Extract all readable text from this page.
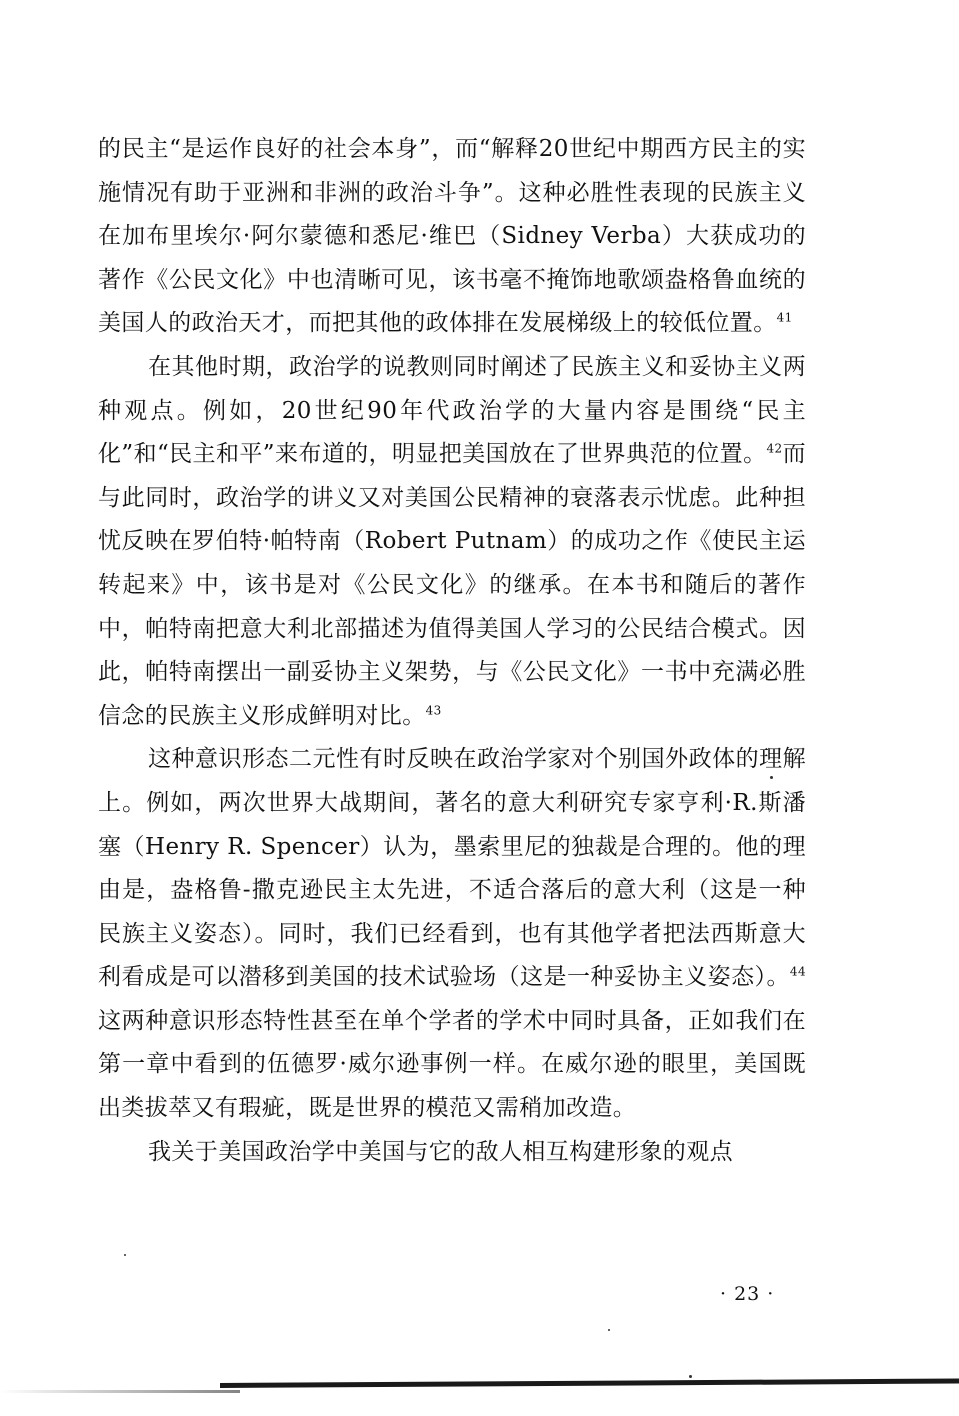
的民主“是运作良好的社会本身”，而“解释20世纪中期西方民主的实施情况有助于亚洲和非洲的政治斗争”。这种必胜性表现的民族主义在加布里埃尔·阿尔蒙德和悉尼·维巴（Sidney Verba）大获成功的著作《公民文化》中也清晰可见，该书毫不掩饰地歌颂盎格鲁血统的美国人的政治天才，而把其他的政体排在发展梯级上的较低位置。$^{41}$

在其他时期，政治学的说教则同时阐述了民族主义和妥协主义两种观点。例如，20世纪90年代政治学的大量内容是围绕“民主化”和“民主和平”来布道的，明显把美国放在了世界典范的位置。$^{42}$而与此同时，政治学的讲义又对美国公民精神的衰落表示忧虑。此种担忧反映在罗伯特·帕特南（Robert Putnam）的成功之作《使民主运转起来》中，该书是对《公民文化》的继承。在本书和随后的著作中，帕特南把意大利北部描述为值得美国人学习的公民结合模式。因此，帕特南摆出一副妥协主义架势，与《公民文化》一书中充满必胜信念的民族主义形成鲜明对比。$^{43}$

这种意识形态二元性有时反映在政治学家对个别国外政体的理解上。例如，两次世界大战期间，著名的意大利研究专家亨利·R.斯潘塞（Henry R. Spencer）认为，墨索里尼的独裁是合理的。他的理由是，盎格鲁-撒克逊民主太先进，不适合落后的意大利（这是一种民族主义姿态）。同时，我们已经看到，也有其他学者把法西斯意大利看成是可以潜移到美国的技术试验场（这是一种妥协主义姿态）。$^{44}$这两种意识形态特性甚至在单个学者的学术中同时具备，正如我们在第一章中看到的伍德罗·威尔逊事例一样。在威尔逊的眼里，美国既出类拔萃又有瑕疵，既是世界的模范又需稍加改造。

我关于美国政治学中美国与它的敌人相互构建形象的观点

· 23 ·
